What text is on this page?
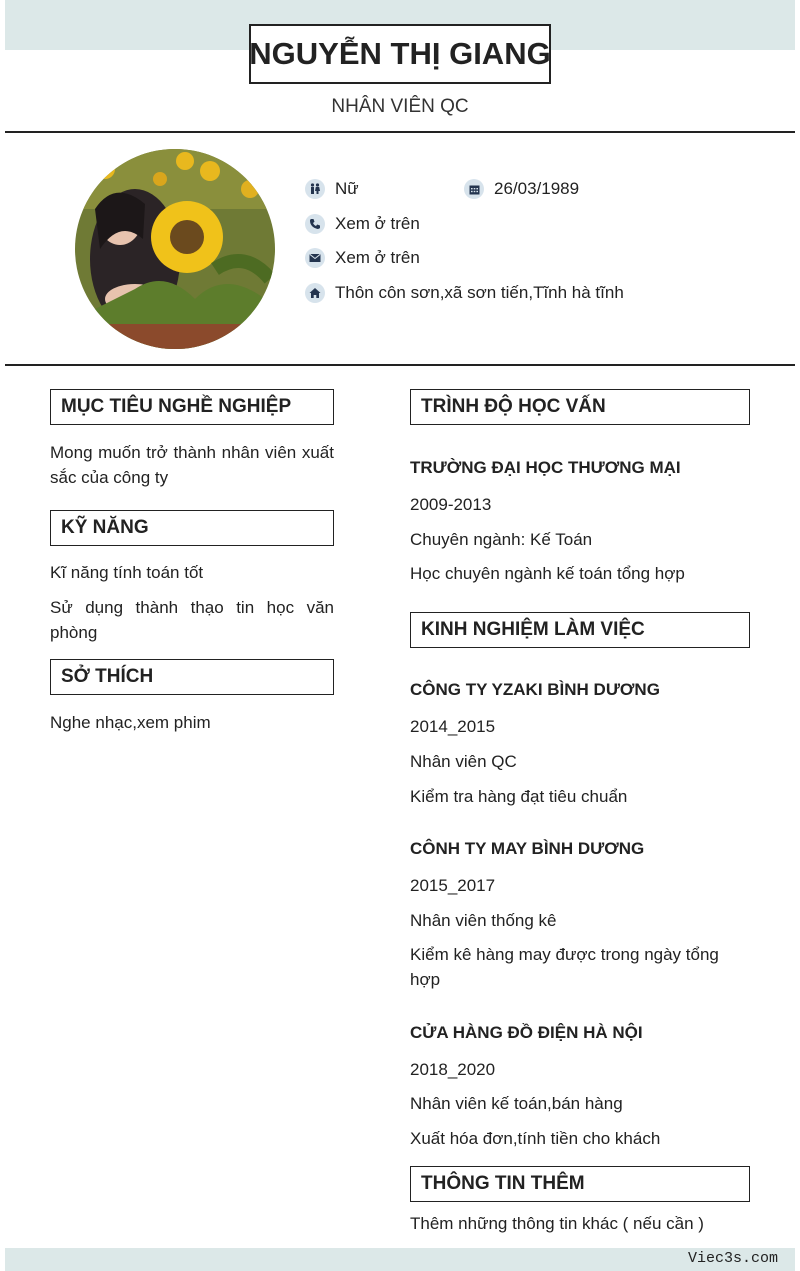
NGUYỄN THỊ GIANG
NHÂN VIÊN QC
Nữ	26/03/1989
Xem ở trên
Xem ở trên
Thôn côn sơn,xã sơn tiến,Tĩnh hà tĩnh
MỤC TIÊU NGHỀ NGHIỆP
Mong muốn trở thành nhân viên xuất sắc của công ty
KỸ NĂNG
Kĩ năng tính toán tốt
Sử dụng thành thạo tin học văn phòng
SỞ THÍCH
Nghe nhạc,xem phim
TRÌNH ĐỘ HỌC VẤN
TRƯỜNG ĐẠI HỌC THƯƠNG MẠI
2009-2013
Chuyên ngành: Kế Toán
Học chuyên ngành kế toán tổng hợp
KINH NGHIỆM LÀM VIỆC
CÔNG TY YZAKI BÌNH DƯƠNG
2014_2015
Nhân viên QC
Kiểm tra hàng đạt tiêu chuẩn
CÔNH TY MAY BÌNH DƯƠNG
2015_2017
Nhân viên thống kê
Kiểm kê hàng may được trong ngày tổng hợp
CỬA HÀNG ĐỒ ĐIỆN HÀ NỘI
2018_2020
Nhân viên kế toán,bán hàng
Xuất hóa đơn,tính tiền cho khách
THÔNG TIN THÊM
Thêm những thông tin khác ( nếu cần )
Viec3s.com
